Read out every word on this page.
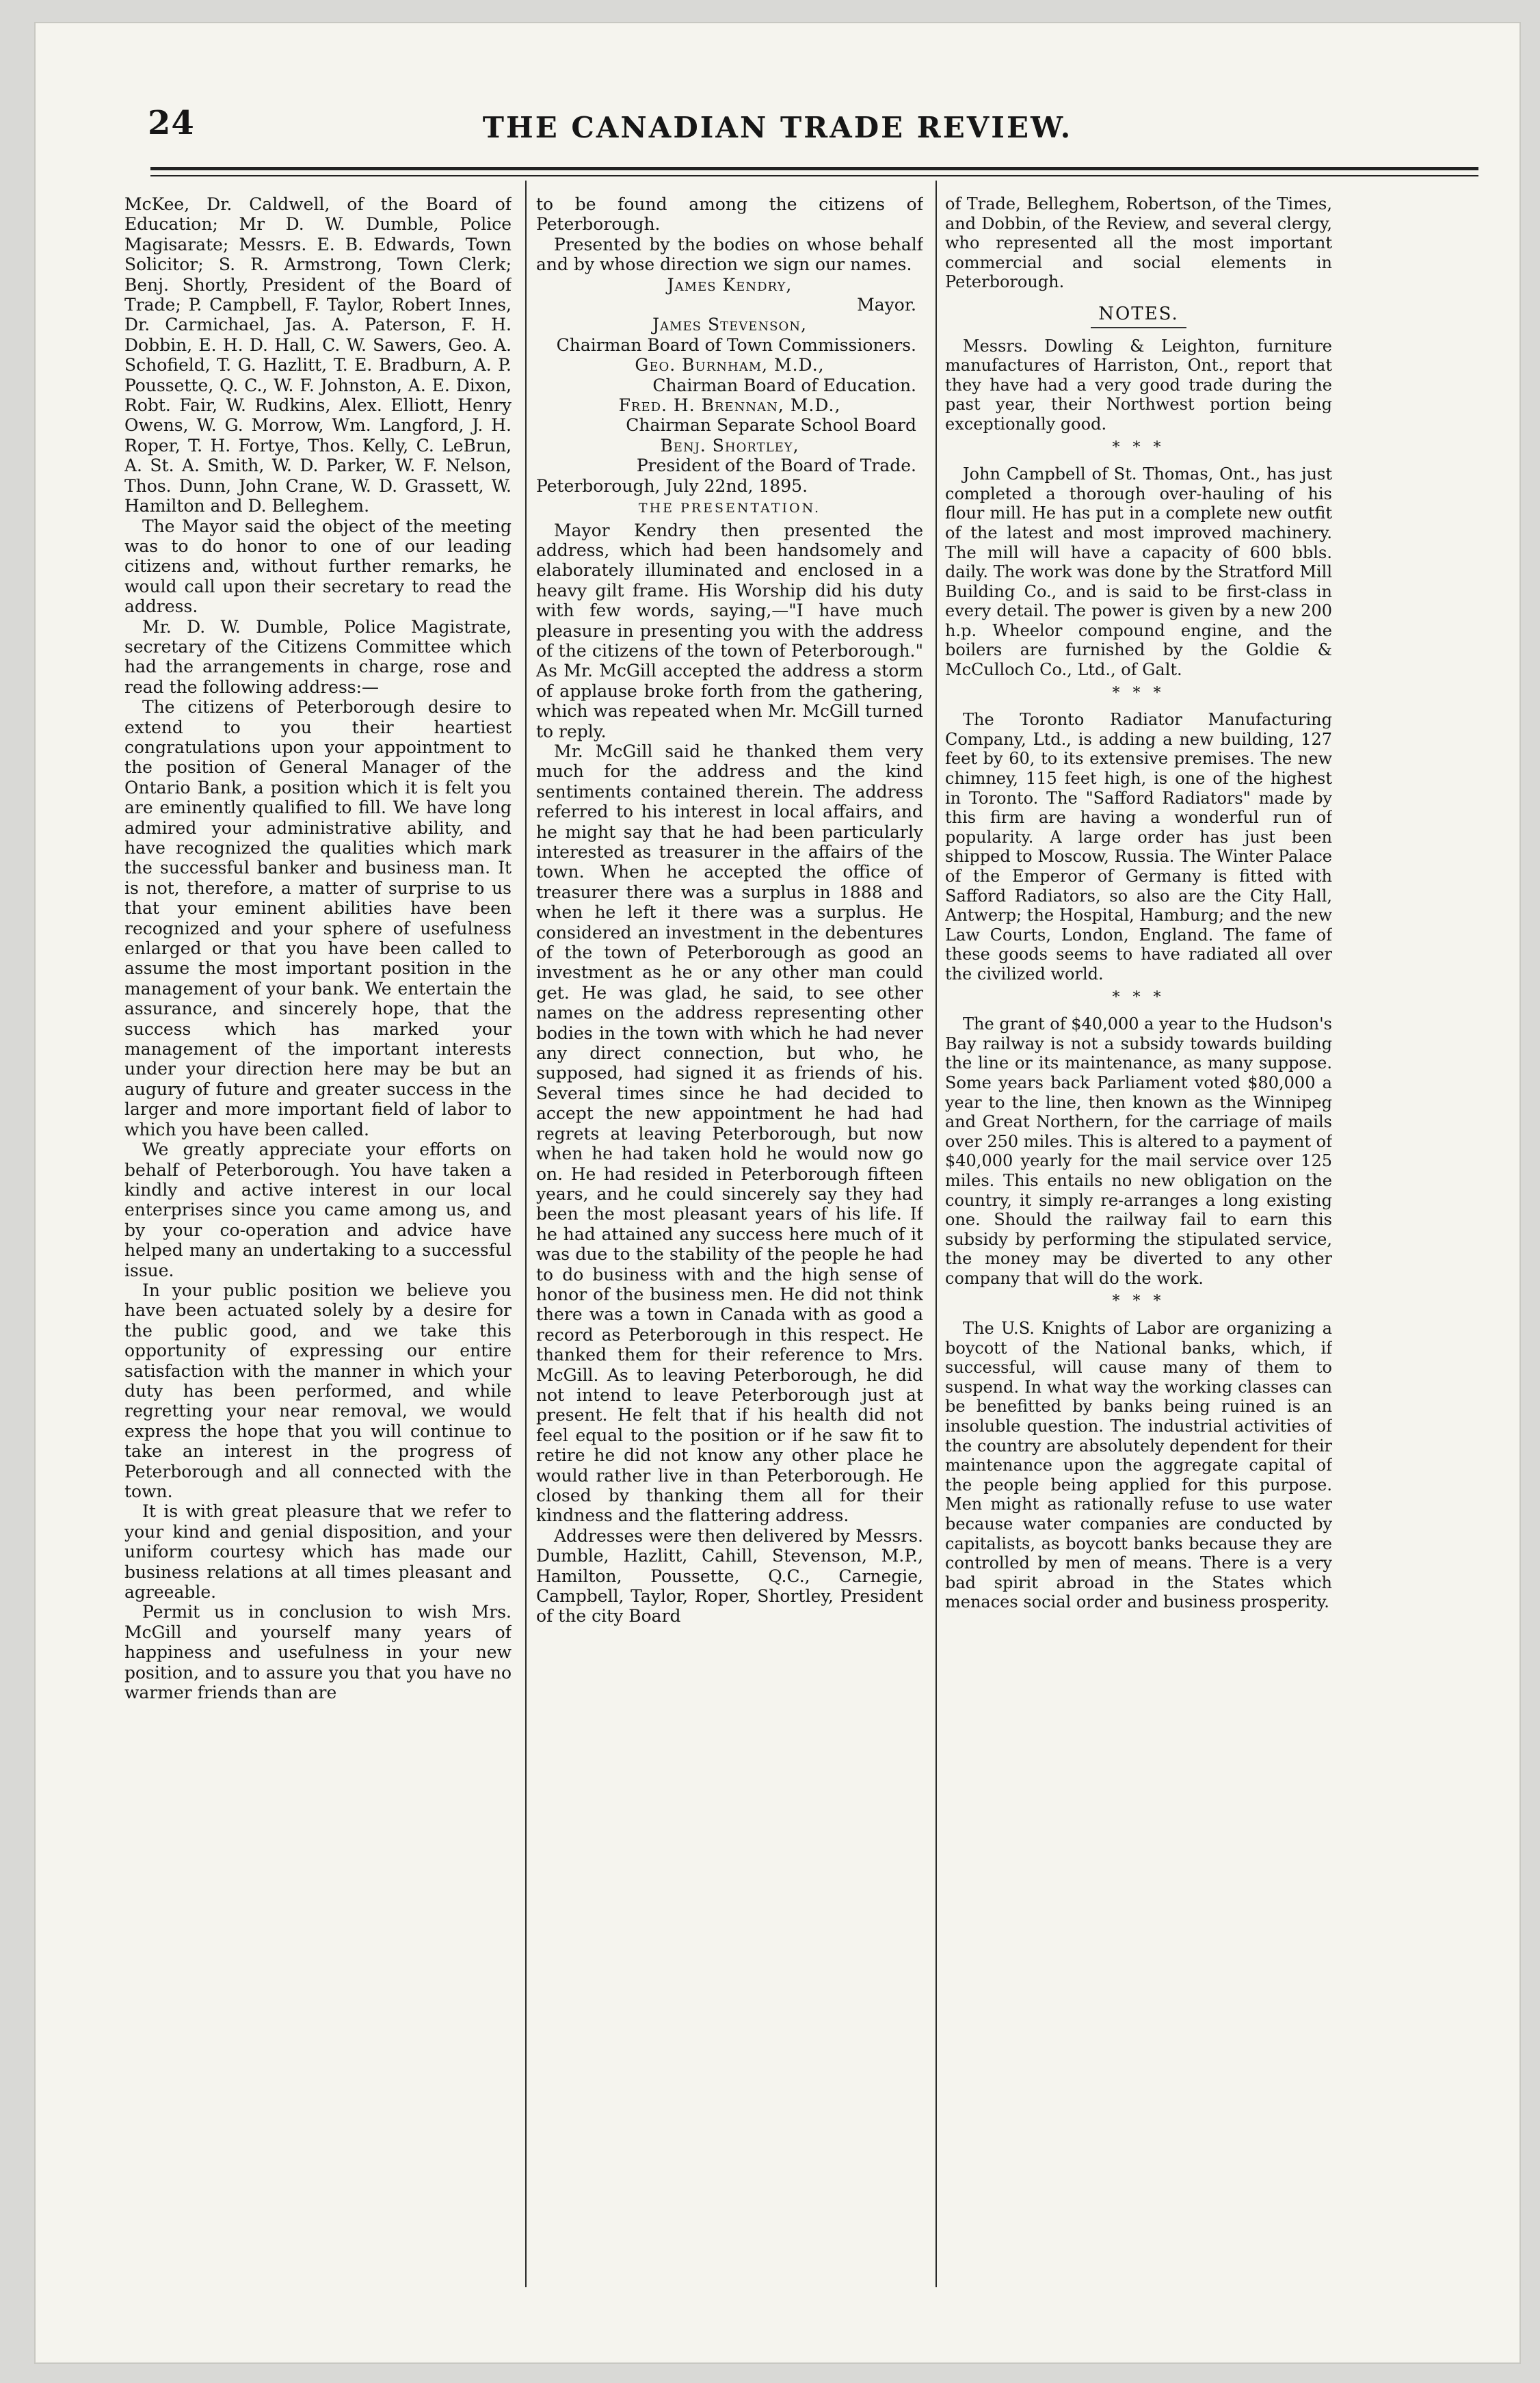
24	THE CANADIAN TRADE REVIEW.

McKee, Dr. Caldwell, of the Board of Education; Mr D. W. Dumble, Police Magisarate; Messrs. E. B. Edwards, Town Solicitor; S. R. Armstrong, Town Clerk; Benj. Shortly, President of the Board of Trade; P. Campbell, F. Taylor, Robert Innes, Dr. Carmichael, Jas. A. Paterson, F. H. Dobbin, E. H. D. Hall, C. W. Sawers, Geo. A. Schofield, T. G. Hazlitt, T. E. Bradburn, A. P. Poussette, Q. C., W. F. Johnston, A. E. Dixon, Robt. Fair, W. Rudkins, Alex. Elliott, Henry Owens, W. G. Morrow, Wm. Langford, J. H. Roper, T. H. Fortye, Thos. Kelly, C. LeBrun, A. St. A. Smith, W. D. Parker, W. F. Nelson, Thos. Dunn, John Crane, W. D. Grassett, W. Hamilton and D. Belleghem.

The Mayor said the object of the meeting was to do honor to one of our leading citizens and, without further remarks, he would call upon their secretary to read the address.

Mr. D. W. Dumble, Police Magistrate, secretary of the Citizens Committee which had the arrangements in charge, rose and read the following address:—

The citizens of Peterborough desire to extend to you their heartiest congratulations upon your appointment to the position of General Manager of the Ontario Bank, a position which it is felt you are eminently qualified to fill. We have long admired your administrative ability, and have recognized the qualities which mark the successful banker and business man. It is not, therefore, a matter of surprise to us that your eminent abilities have been recognized and your sphere of usefulness enlarged or that you have been called to assume the most important position in the management of your bank. We entertain the assurance, and sincerely hope, that the success which has marked your management of the important interests under your direction here may be but an augury of future and greater success in the larger and more important field of labor to which you have been called.

We greatly appreciate your efforts on behalf of Peterborough. You have taken a kindly and active interest in our local enterprises since you came among us, and by your co-operation and advice have helped many an undertaking to a successful issue.

In your public position we believe you have been actuated solely by a desire for the public good, and we take this opportunity of expressing our entire satisfaction with the manner in which your duty has been performed, and while regretting your near removal, we would express the hope that you will continue to take an interest in the progress of Peterborough and all connected with the town.

It is with great pleasure that we refer to your kind and genial disposition, and your uniform courtesy which has made our business relations at all times pleasant and agreeable.

Permit us in conclusion to wish Mrs. McGill and yourself many years of happiness and usefulness in your new position, and to assure you that you have no warmer friends than are

to be found among the citizens of Peterborough.

Presented by the bodies on whose behalf and by whose direction we sign our names.

James Kendry,
Mayor.
James Stevenson,
Chairman Board of Town Commissioners.
Geo. Burnham, M.D.,
Chairman Board of Education.
Fred. H. Brennan, M.D.,
Chairman Separate School Board
Benj. Shortley,
President of the Board of Trade.

Peterborough, July 22nd, 1895.

THE PRESENTATION.

Mayor Kendry then presented the address, which had been handsomely and elaborately illuminated and enclosed in a heavy gilt frame. His Worship did his duty with few words, saying,—"I have much pleasure in presenting you with the address of the citizens of the town of Peterborough." As Mr. McGill accepted the address a storm of applause broke forth from the gathering, which was repeated when Mr. McGill turned to reply.

Mr. McGill said he thanked them very much for the address and the kind sentiments contained therein. The address referred to his interest in local affairs, and he might say that he had been particularly interested as treasurer in the affairs of the town. When he accepted the office of treasurer there was a surplus in 1888 and when he left it there was a surplus. He considered an investment in the debentures of the town of Peterborough as good an investment as he or any other man could get. He was glad, he said, to see other names on the address representing other bodies in the town with which he had never any direct connection, but who, he supposed, had signed it as friends of his. Several times since he had decided to accept the new appointment he had had regrets at leaving Peterborough, but now when he had taken hold he would now go on. He had resided in Peterborough fifteen years, and he could sincerely say they had been the most pleasant years of his life. If he had attained any success here much of it was due to the stability of the people he had to do business with and the high sense of honor of the business men. He did not think there was a town in Canada with as good a record as Peterborough in this respect. He thanked them for their reference to Mrs. McGill. As to leaving Peterborough, he did not intend to leave Peterborough just at present. He felt that if his health did not feel equal to the position or if he saw fit to retire he did not know any other place he would rather live in than Peterborough. He closed by thanking them all for their kindness and the flattering address.

Addresses were then delivered by Messrs. Dumble, Hazlitt, Cahill, Stevenson, M.P., Hamilton, Poussette, Q.C., Carnegie, Campbell, Taylor, Roper, Shortley, President of the city Board

of Trade, Belleghem, Robertson, of the Times, and Dobbin, of the Review, and several clergy, who represented all the most important commercial and social elements in Peterborough.

NOTES.

Messrs. Dowling & Leighton, furniture manufactures of Harriston, Ont., report that they have had a very good trade during the past year, their Northwest portion being exceptionally good.

* * *

John Campbell of St. Thomas, Ont., has just completed a thorough over-hauling of his flour mill. He has put in a complete new outfit of the latest and most improved machinery. The mill will have a capacity of 600 bbls. daily. The work was done by the Stratford Mill Building Co., and is said to be first-class in every detail. The power is given by a new 200 h.p. Wheelor compound engine, and the boilers are furnished by the Goldie & McCulloch Co., Ltd., of Galt.

* * *

The Toronto Radiator Manufacturing Company, Ltd., is adding a new building, 127 feet by 60, to its extensive premises. The new chimney, 115 feet high, is one of the highest in Toronto. The "Safford Radiators" made by this firm are having a wonderful run of popularity. A large order has just been shipped to Moscow, Russia. The Winter Palace of the Emperor of Germany is fitted with Safford Radiators, so also are the City Hall, Antwerp; the Hospital, Hamburg; and the new Law Courts, London, England. The fame of these goods seems to have radiated all over the civilized world.

* * *

The grant of $40,000 a year to the Hudson's Bay railway is not a subsidy towards building the line or its maintenance, as many suppose. Some years back Parliament voted $80,000 a year to the line, then known as the Winnipeg and Great Northern, for the carriage of mails over 250 miles. This is altered to a payment of $40,000 yearly for the mail service over 125 miles. This entails no new obligation on the country, it simply re-arranges a long existing one. Should the railway fail to earn this subsidy by performing the stipulated service, the money may be diverted to any other company that will do the work.

* * *

The U.S. Knights of Labor are organizing a boycott of the National banks, which, if successful, will cause many of them to suspend. In what way the working classes can be benefitted by banks being ruined is an insoluble question. The industrial activities of the country are absolutely dependent for their maintenance upon the aggregate capital of the people being applied for this purpose. Men might as rationally refuse to use water because water companies are conducted by capitalists, as boycott banks because they are controlled by men of means. There is a very bad spirit abroad in the States which menaces social order and business prosperity.
